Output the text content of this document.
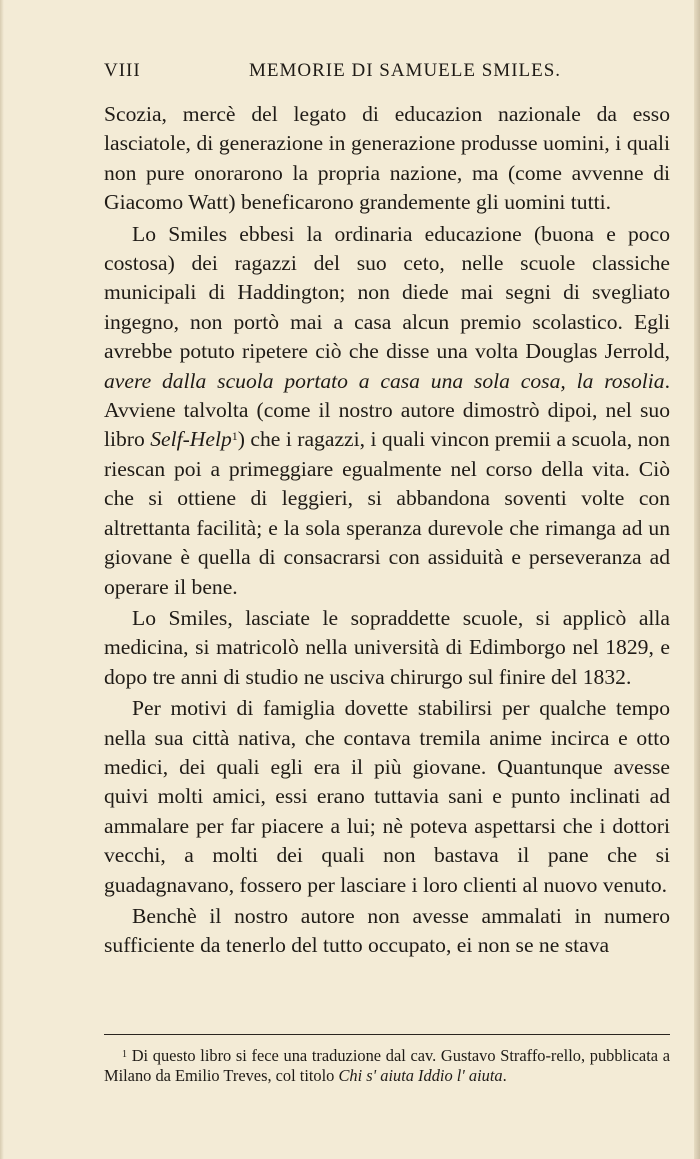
VIII	MEMORIE DI SAMUELE SMILES.

Scozia, mercè del legato di educazion nazionale da esso lasciatole, di generazione in generazione produsse uomini, i quali non pure onorarono la propria nazione, ma (come avvenne di Giacomo Watt) beneficarono grandemente gli uomini tutti.

Lo Smiles ebbesi la ordinaria educazione (buona e poco costosa) dei ragazzi del suo ceto, nelle scuole classiche municipali di Haddington; non diede mai segni di svegliato ingegno, non portò mai a casa alcun premio scolastico. Egli avrebbe potuto ripetere ciò che disse una volta Douglas Jerrold, avere dalla scuola portato a casa una sola cosa, la rosolia. Avviene talvolta (come il nostro autore dimostrò dipoi, nel suo libro Self-Help$^1$) che i ragazzi, i quali vincon premii a scuola, non riescan poi a primeggiare egualmente nel corso della vita. Ciò che si ottiene di leggieri, si abbandona soventi volte con altrettanta facilità; e la sola speranza durevole che rimanga ad un giovane è quella di consacrarsi con assiduità e perseveranza ad operare il bene.

Lo Smiles, lasciate le sopraddette scuole, si applicò alla medicina, si matricolò nella università di Edimborgo nel 1829, e dopo tre anni di studio ne usciva chirurgo sul finire del 1832.

Per motivi di famiglia dovette stabilirsi per qualche tempo nella sua città nativa, che contava tremila anime incirca e otto medici, dei quali egli era il più giovane. Quantunque avesse quivi molti amici, essi erano tuttavia sani e punto inclinati ad ammalare per far piacere a lui; nè poteva aspettarsi che i dottori vecchi, a molti dei quali non bastava il pane che si guadagnavano, fossero per lasciare i loro clienti al nuovo venuto.

Benchè il nostro autore non avesse ammalati in numero sufficiente da tenerlo del tutto occupato, ei non se ne stava

$^1$ Di questo libro si fece una traduzione dal cav. Gustavo Straffo-rello, pubblicata a Milano da Emilio Treves, col titolo Chi s' aiuta Iddio l' aiuta.
